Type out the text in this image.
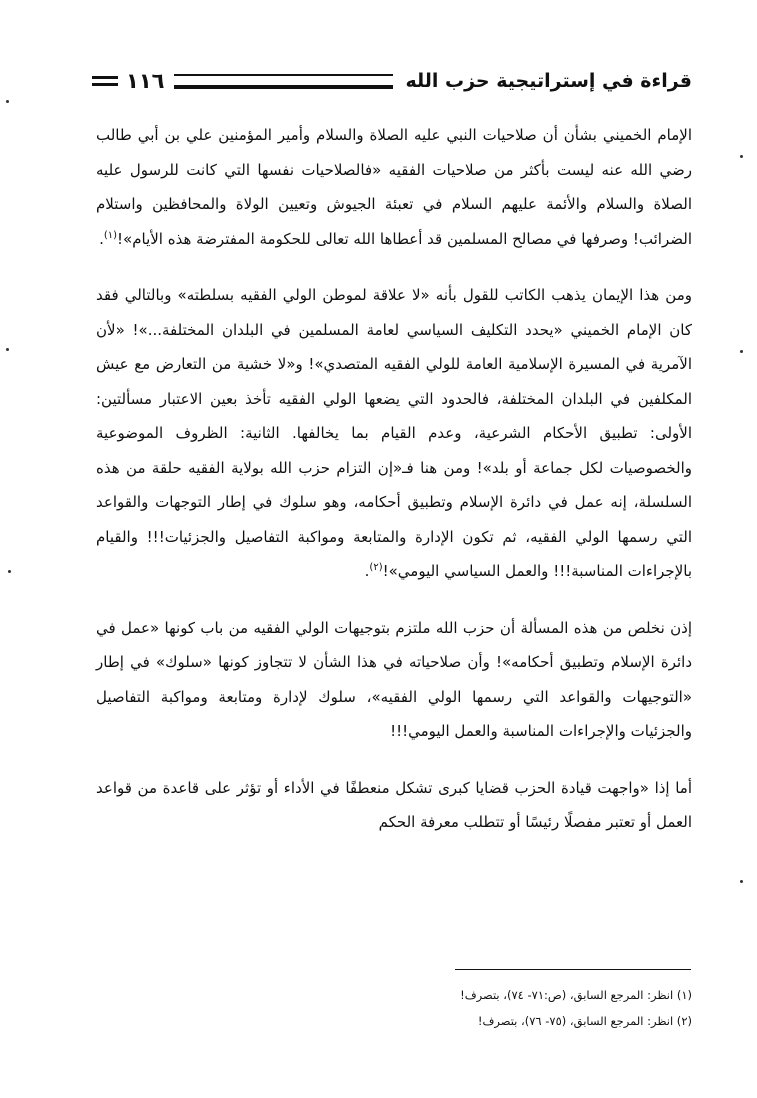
١١٦	قراءة في إستراتيجية حزب الله

الإمام الخميني بشأن أن صلاحيات النبي عليه الصلاة والسلام وأمير المؤمنين علي بن أبي طالب رضي الله عنه ليست بأكثر من صلاحيات الفقيه «فالصلاحيات نفسها التي كانت للرسول عليه الصلاة والسلام والأئمة عليهم السلام في تعبئة الجيوش وتعيين الولاة والمحافظين واستلام الضرائب! وصرفها في مصالح المسلمين قد أعطاها الله تعالى للحكومة المفترضة هذه الأيام»!$^{(١)}$.

ومن هذا الإيمان يذهب الكاتب للقول بأنه «لا علاقة لموطن الولي الفقيه بسلطته» وبالتالي فقد كان الإمام الخميني «يحدد التكليف السياسي لعامة المسلمين في البلدان المختلفة...»! «لأن الآمرية في المسيرة الإسلامية العامة للولي الفقيه المتصدي»! و«لا خشية من التعارض مع عيش المكلفين في البلدان المختلفة، فالحدود التي يضعها الولي الفقيه تأخذ بعين الاعتبار مسألتين: الأولى: تطبيق الأحكام الشرعية، وعدم القيام بما يخالفها. الثانية: الظروف الموضوعية والخصوصيات لكل جماعة أو بلد»! ومن هنا فـ«إن التزام حزب الله بولاية الفقيه حلقة من هذه السلسلة، إنه عمل في دائرة الإسلام وتطبيق أحكامه، وهو سلوك في إطار التوجهات والقواعد التي رسمها الولي الفقيه، ثم تكون الإدارة والمتابعة ومواكبة التفاصيل والجزئيات!!! والقيام بالإجراءات المناسبة!!! والعمل السياسي اليومي»!$^{(٢)}$.

إذن نخلص من هذه المسألة أن حزب الله ملتزم بتوجيهات الولي الفقيه من باب كونها «عمل في دائرة الإسلام وتطبيق أحكامه»! وأن صلاحياته في هذا الشأن لا تتجاوز كونها «سلوك» في إطار «التوجيهات والقواعد التي رسمها الولي الفقيه»، سلوك لإدارة ومتابعة ومواكبة التفاصيل والجزئيات والإجراءات المناسبة والعمل اليومي!!!

أما إذا «واجهت قيادة الحزب قضايا كبرى تشكل منعطفًا في الأداء أو تؤثر على قاعدة من قواعد العمل أو تعتبر مفصلًا رئيسًا أو تتطلب معرفة الحكم

(١) انظر: المرجع السابق، (ص:٧١- ٧٤)، بتصرف!
(٢) انظر: المرجع السابق، (٧٥- ٧٦)، بتصرف!
